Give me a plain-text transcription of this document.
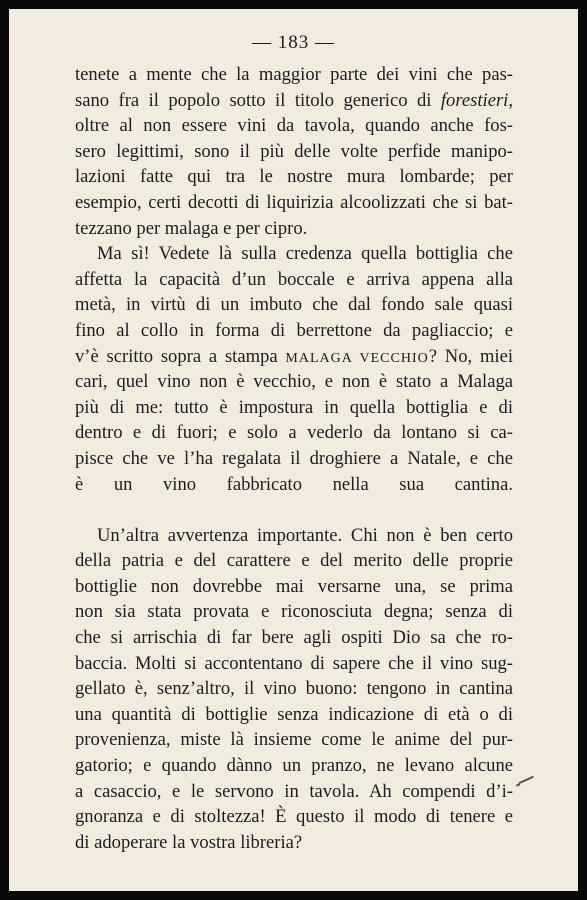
— 183 —
tenete a mente che la maggior parte dei vini che pas-
sano fra il popolo sotto il titolo generico di forestieri,
oltre al non essere vini da tavola, quando anche fos-
sero legittimi, sono il più delle volte perfide manipo-
lazioni fatte qui tra le nostre mura lombarde; per
esempio, certi decotti di liquirizia alcoolizzati che si bat-
tezzano per malaga e per cipro.
Ma sì! Vedete là sulla credenza quella bottiglia che
affetta la capacità d’un boccale e arriva appena alla
metà, in virtù di un imbuto che dal fondo sale quasi
fino al collo in forma di berrettone da pagliaccio; e
v’è scritto sopra a stampa MALAGA VECCHIO? No, miei
cari, quel vino non è vecchio, e non è stato a Malaga
più di me: tutto è impostura in quella bottiglia e di
dentro e di fuori; e solo a vederlo da lontano si ca-
pisce che ve l’ha regalata il droghiere a Natale, e che
è un vino fabbricato nella sua cantina.
Un’altra avvertenza importante. Chi non è ben certo
della patria e del carattere e del merito delle proprie
bottiglie non dovrebbe mai versarne una, se prima
non sia stata provata e riconosciuta degna; senza di
che si arrischia di far bere agli ospiti Dio sa che ro-
baccia. Molti si accontentano di sapere che il vino sug-
gellato è, senz’altro, il vino buono: tengono in cantina
una quantità di bottiglie senza indicazione di età o di
provenienza, miste là insieme come le anime del pur-
gatorio; e quando dànno un pranzo, ne levano alcune
a casaccio, e le servono in tavola. Ah compendi d’i-
gnoranza e di stoltezza! È questo il modo di tenere e
di adoperare la vostra libreria?
